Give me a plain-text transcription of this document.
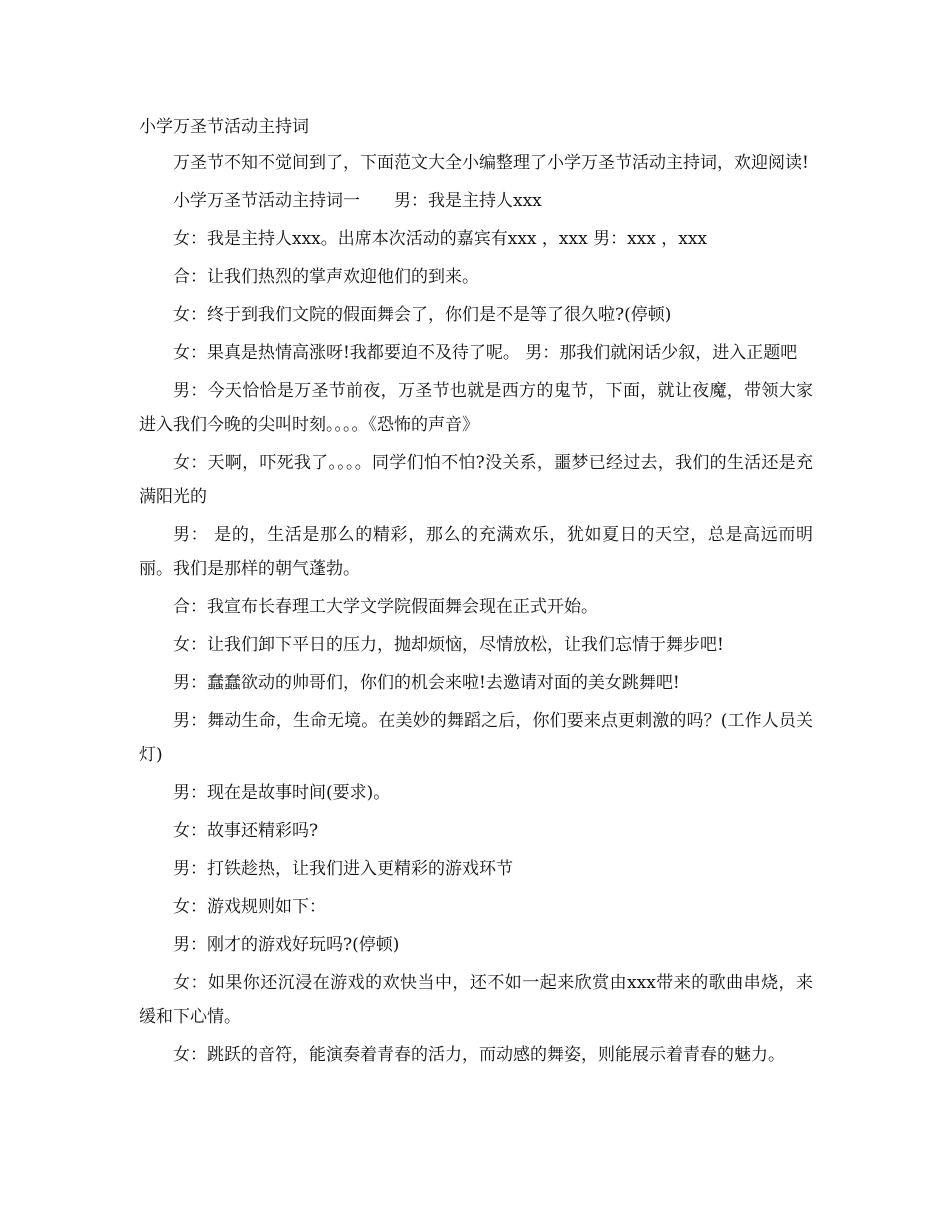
小学万圣节活动主持词

万圣节不知不觉间到了，下面范文大全小编整理了小学万圣节活动主持词，欢迎阅读!

小学万圣节活动主持词一　　男：我是主持人xxx

女：我是主持人xxx。出席本次活动的嘉宾有xxx ，xxx 男：xxx ，xxx

合：让我们热烈的掌声欢迎他们的到来。

女：终于到我们文院的假面舞会了，你们是不是等了很久啦?(停顿)

女：果真是热情高涨呀!我都要迫不及待了呢。 男：那我们就闲话少叙，进入正题吧

男：今天恰恰是万圣节前夜，万圣节也就是西方的鬼节，下面，就让夜魔，带领大家进入我们今晚的尖叫时刻。。。。《恐怖的声音》

女：天啊，吓死我了。。。。同学们怕不怕?没关系，噩梦已经过去，我们的生活还是充满阳光的

男： 是的，生活是那么的精彩，那么的充满欢乐，犹如夏日的天空，总是高远而明丽。我们是那样的朝气蓬勃。

合：我宣布长春理工大学文学院假面舞会现在正式开始。

女：让我们卸下平日的压力，抛却烦恼，尽情放松，让我们忘情于舞步吧!

男：蠢蠢欲动的帅哥们，你们的机会来啦!去邀请对面的美女跳舞吧!

男：舞动生命，生命无境。在美妙的舞蹈之后，你们要来点更刺激的吗？(工作人员关灯)

男：现在是故事时间(要求)。

女：故事还精彩吗?

男：打铁趁热，让我们进入更精彩的游戏环节

女：游戏规则如下：

男：刚才的游戏好玩吗?(停顿)

女：如果你还沉浸在游戏的欢快当中，还不如一起来欣赏由xxx带来的歌曲串烧，来缓和下心情。

女：跳跃的音符，能演奏着青春的活力，而动感的舞姿，则能展示着青春的魅力。
